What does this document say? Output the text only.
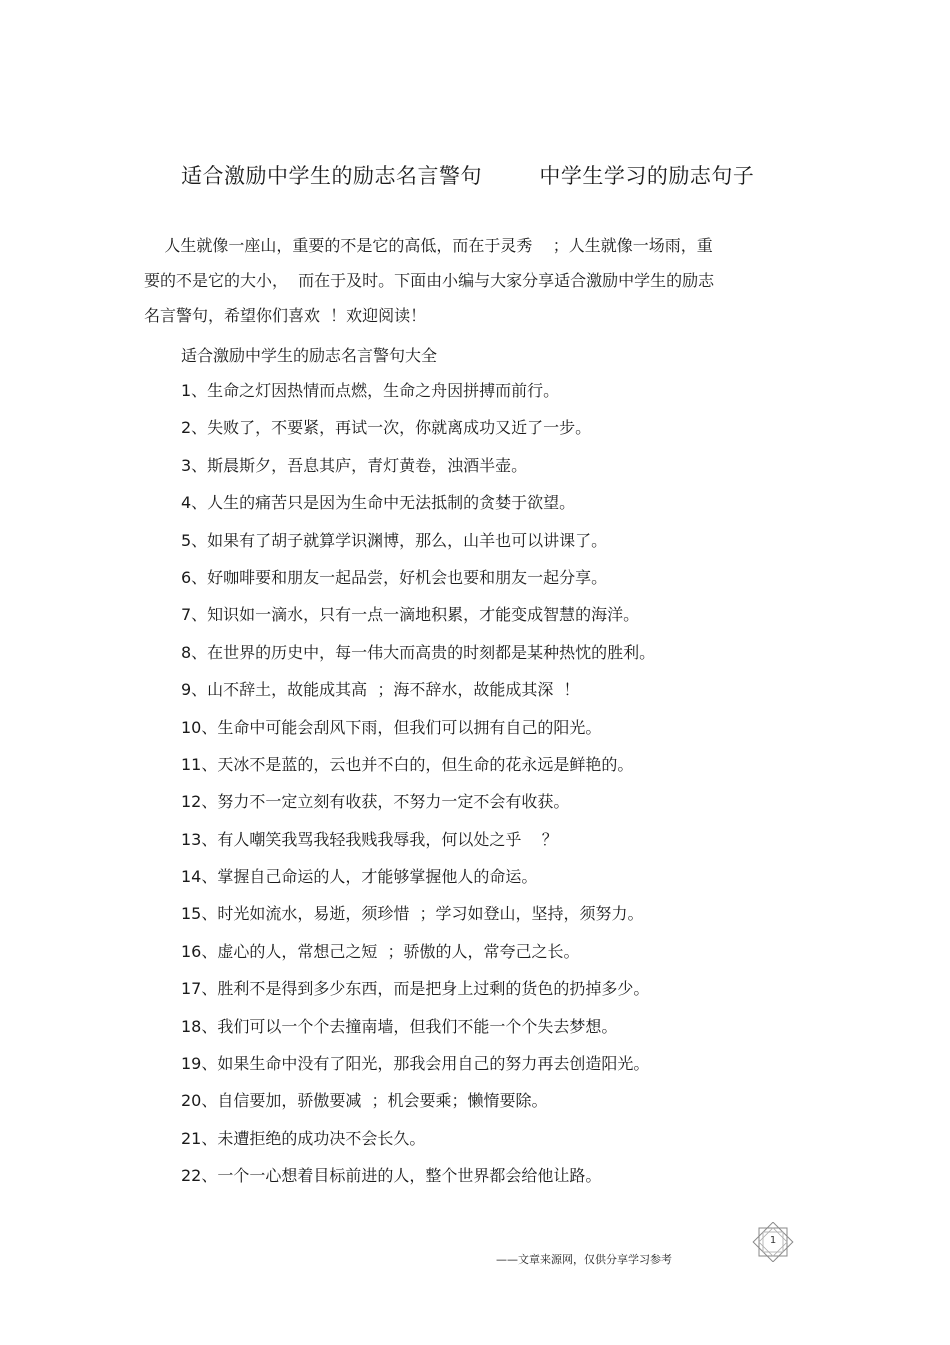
适合激励中学生的励志名言警句        中学生学习的励志句子
人生就像一座山，重要的不是它的高低，而在于灵秀    ；人生就像一场雨，重
要的不是它的大小，  而在于及时。下面由小编与大家分享适合激励中学生的励志
名言警句，希望你们喜欢  ！欢迎阅读！
适合激励中学生的励志名言警句大全
1、生命之灯因热情而点燃，生命之舟因拼搏而前行。
2、失败了，不要紧，再试一次，你就离成功又近了一步。
3、斯晨斯夕，吾息其庐，青灯黄卷，浊酒半壶。
4、人生的痛苦只是因为生命中无法抵制的贪婪于欲望。
5、如果有了胡子就算学识渊博，那么，山羊也可以讲课了。
6、好咖啡要和朋友一起品尝，好机会也要和朋友一起分享。
7、知识如一滴水，只有一点一滴地积累，才能变成智慧的海洋。
8、在世界的历史中，每一伟大而高贵的时刻都是某种热忱的胜利。
9、山不辞土，故能成其高  ；海不辞水，故能成其深  ！
10、生命中可能会刮风下雨，但我们可以拥有自己的阳光。
11、天冰不是蓝的，云也并不白的，但生命的花永远是鲜艳的。
12、努力不一定立刻有收获，不努力一定不会有收获。
13、有人嘲笑我骂我轻我贱我辱我，何以处之乎    ？
14、掌握自己命运的人，才能够掌握他人的命运。
15、时光如流水，易逝，须珍惜  ；学习如登山，坚持，须努力。
16、虚心的人，常想己之短  ；骄傲的人，常夸己之长。
17、胜利不是得到多少东西，而是把身上过剩的货色的扔掉多少。
18、我们可以一个个去撞南墙，但我们不能一个个失去梦想。
19、如果生命中没有了阳光，那我会用自己的努力再去创造阳光。
20、自信要加，骄傲要减  ；机会要乘；懒惰要除。
21、未遭拒绝的成功决不会长久。
22、一个一心想着目标前进的人，整个世界都会给他让路。
1
——文章来源网，仅供分享学习参考
